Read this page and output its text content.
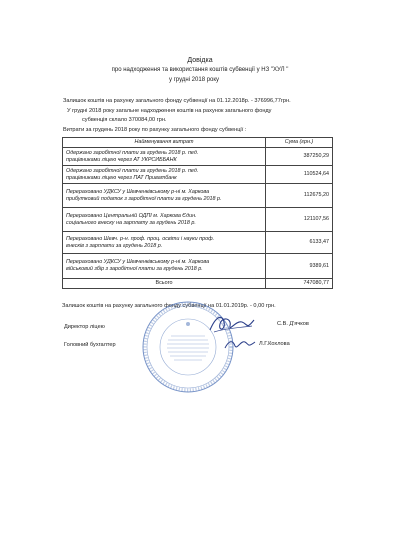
Довідка
про надходження та використання коштів субвенції у НЗ "ХУЛ "
у грудні 2018 року
Залишок коштів на рахунку загального фонду субвенції на 01.12.2018р. - 376996,77грн.
У грудні 2018 року загальне надходження коштів на рахунок загального фонду
субвенція склало 370084,00 грн.
Витрати за грудень 2018 року по рахунку загального фонду субвенції :
Найменування витрат	Сума (грн.)
Одержано заробітної плати за грудень 2018 р. пед.
працівниками ліцею через АТ УКРСИББАНК	387250,29
Одержано заробітної плати за грудень 2018 р. пед.
працівниками ліцею через ПАТ Приватбанк	110524,64
Перераховано УДКСУ у Шевченківському р-ні м. Харкова
прибутковий податок з заробітної плати за грудень 2018 р.	112675,20
Перераховано Центральній ОДПІ м. Харкова Єдин.
соціального внеску на зарплату за грудень 2018 р.	121107,56
Перераховано Шевч. р-н. проф. проц. освіти і науки проф.
внесків з зарплати за грудень 2018 р.	6133,47
Перераховано УДКСУ у Шевченківському р-ні м. Харкова
військовий збір з заробітної плати за грудень 2018 р.	9389,61
Всього	747080,77
Залишок коштів на рахунку загального фонду субвенції на 01.01.2019р. - 0,00 грн.
Директор ліцею	С.В. Д'ячков
Головний бухгалтер	Л.Г.Кохлова
